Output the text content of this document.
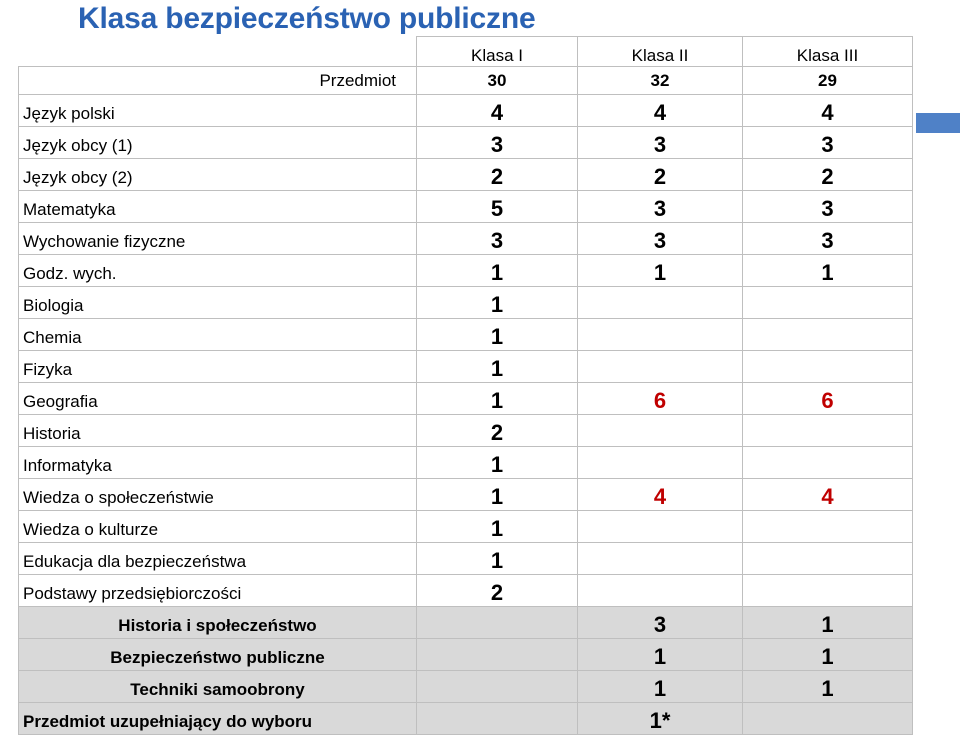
Klasa bezpieczeństwo publiczne
	Klasa I	Klasa II	Klasa III
Przedmiot	30	32	29
Język polski	4	4	4
Język obcy (1)	3	3	3
Język obcy (2)	2	2	2
Matematyka	5	3	3
Wychowanie fizyczne	3	3	3
Godz. wych.	1	1	1
Biologia	1		
Chemia	1		
Fizyka	1		
Geografia	1	6	6
Historia	2		
Informatyka	1		
Wiedza o społeczeństwie	1	4	4
Wiedza o kulturze	1		
Edukacja dla bezpieczeństwa	1		
Podstawy przedsiębiorczości	2		
Historia i społeczeństwo		3	1
Bezpieczeństwo publiczne		1	1
Techniki samoobrony		1	1
Przedmiot uzupełniający do wyboru		1*	
